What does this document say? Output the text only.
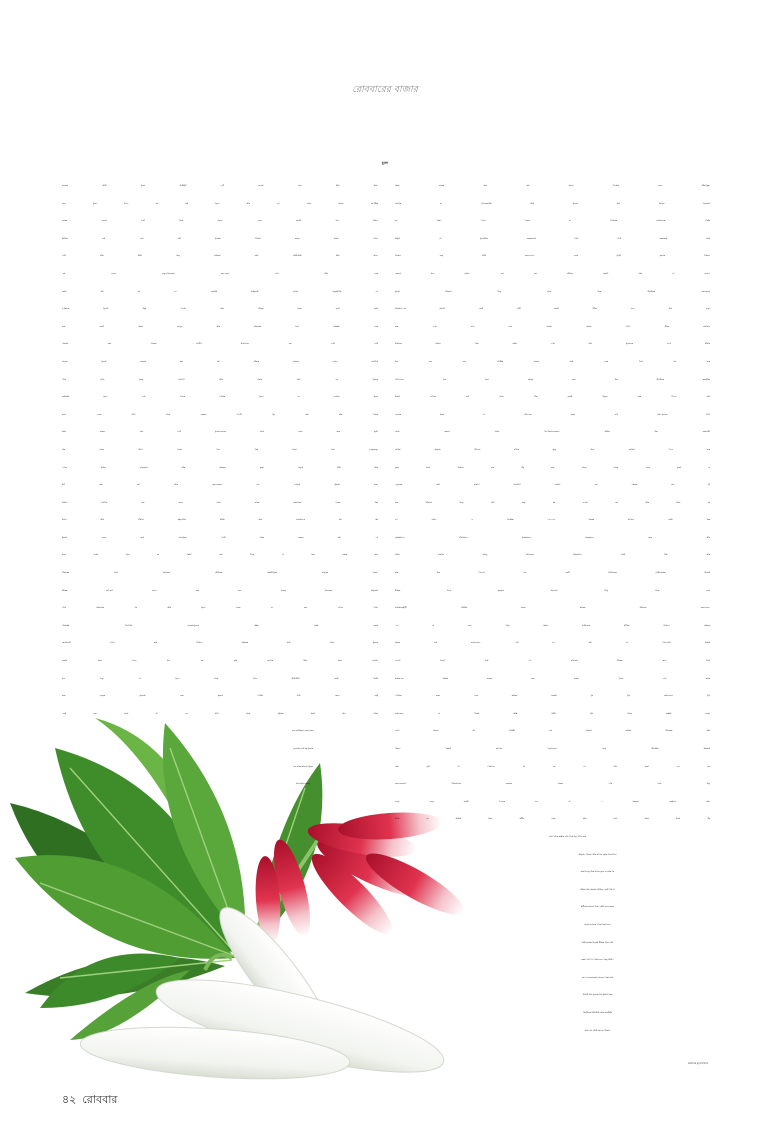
রোববারের বাজার
মুলো
বাজারে আসা মুলো মোটামুটি দু’টি রঙের। লাল আর সাদা।
লাল মুলো মানে, হয় বিট মুলো আর তা নইলে হিংলি। ব্যাপারীর
হাতের জলের ছিটে গায়ে পড়লে এদের লালটা যেন আরও
টকটকে হয়ে ওঠে। বিট মুলোরা উইডস বলের মতোই গোল,
ছোট আর মিষ্টি। কিন্তু হিংলিরা লম্বা, মোটাসোটা আর ঝাল।
এরা ওজনে দেড়-দু’কিলোরও হত—তবে এখন আর এদের
তেমন চাষ হয় না। একসময় বসিরহাট, দেগঙ্গা, বেড়াচাঁপায় এই
দু’ধরনের মুলোই প্রচুর পাওয়া যেত। আলুর মতো ডুমো ডুমো
করে কেটে, সরষে ফোড়ন আর কাঁচালঙ্কা দিয়ে গেরস্তরা এদের
ছেঁচকিই বেশি খেতেন। ইদানীং স্যালাডেও তো ছোট্ট ছোট্ট
লালচে মুলোই ব্যবহার করা হয়। আবার বাংলার নানান জায়গায়
পৌষ মাসে ফিকে গোলাপি আর সাদার মেশা এক ধরনের
নরমসরম মুলো ওঠে, যাদের পৌষের মুলো বা বাঙালি মুলো
বলে। এদের মাথা থেকে বেরনো গাছটি খুব লম্বা আর পাতার
ভারি বাহার। এমন ছোট মুলোগুলোকে ফালি ফালি করে কুটে,
অল্প তেলে আদা, জিরে, ধনে, গরম মশলা দিয়ে নেড়েচেড়ে,
ওপরে সামান্য বড়িভাজা আর নারকেল কুরো ছড়িয়ে মিষ্টি মিষ্টি
ঘন্ট করা হয়। আর বড়গুলোকে ছাল ছাড়িয়ে টুকরো করে,
সামান্য ভাপিয়ে জল ফেলে দিয়ে, তাতে তেজপাতা, জিরে, গরম
মশলা আর পেঁয়াজ রসুন-আদা বাটার সঙ্গে শোলমাছের রিং রিং
টুকরো ফেলে কষে শোলমুলো পদটি তৈরি করতে হয়। এই
মুলো দিয়েই ‘মুলি কে পরাঠা’ হয়ে থাকে, যা কিনা লঙ্কার ঝাল
আচারের সঙ্গে চমৎকার। আমাদের ভবানীপুরের বাড়িতে মুলো-
মটরের চাপ-চাপ ডালও করা হত। যেহেতু অনেকের বাড়িতেই
পৌষ সংক্রান্তির পর আর মুলো ঢোকে না, তাই ওইদিন পিঠে-
পায়েসের পাশাপাশি চালতা-মুলোর অম্বল তৈরি করার
রেওয়াজটি এখনও রয়ে গিয়েছে। অম্বলের মধ্যে থেকে মুলোর
চাকতি হাতে নিলে মনে হত বুঝি রুপোর টাকা হাতে নিলাম।
মনে পড়ে, এই মুলো পেকে গেলে আধাআধি কেটে, উল্টো
করে দড়িতে ঝুলিয়ে, তার কুরনো পেটের মধ্যে রোজ একটু
একটু জল দিয়ে, মা ওর মাথা থেকে জুঁইয়ের মতো সাদা থোকা
ফুল ফোটাতেন। তবে তেল-
নুন-লঙ্কা দিয়ে ইতুপুজোর
দিন ভাতে-ভাত বা মুড়ির
সঙ্গে কাঁচা কামড়ে
কিংবা ডালের সঙ্গে প্লেন ভাজা খাওয়ার জন্যে ঘটকপুকুর,
শোনপুর বা পোলেরহাটের মিষ্টি স্বাদের সাদা ধবধবে মুলোরাই
হল সেরা। এখনও বিহার বা পাঞ্জাবের ভাইজানেরা পেটের
অসুখে এই মুলোটিকে ভোরবেলায় খালি পেটে কচকচিয়ে খেয়ে
থাকেন। কিন্তু আমি কোনওদিনও এদের মুখেই তুলতে পারিনি।
কেবলই মনে হয়েছে, এরা তো আসলে রকেট, যারা যে কোনও
মুহূর্তে আকাশে উড়ে যেতে পারে! টিনটিনের ‘চন্দ্রালোকে
অভিযান’-এর মলাটে একটা দুর্ধর্ষ রকেট আঁকা ছিল। সাদা বড়ি।
তার ওপর লাল লাল চৌকো চৌকো খোপ। শীতে শাকউলি
মাসিদের সামনে পাতা চটের ওপর সাদা মুলোদের দেখে আমার
মনে হত, লাল পোস্টার কালার দিয়ে ওদের গায়ে যত্ন করে
খোপগুলো এঁকে দিলে, হয়তো ওরাও ঠিক টিনটিনের রকেটটার
মতোই দেখতে হয়ে যাবে। আর রকেট উড়লে তার পিছনে লম্বা
লেজের মতো যে আগুনের হলকা দেখা যায়—মুলোর মাথা
থেকে বেরনো দিঘল গাছপাতাগুলোকেও আমার ঠিক তেমনটিই
লাগত। বাড়িতে আনাজ রাখার ঝুড়ি থেকে একখানা পছন্দ করে
তুলে নিয়ে, উঠোনে হাত উঁচু করে দৌড়ে দৌড়ে ওদের কতই না
ওড়ানোর চেষ্টা করেছি! মনেপ্রাণে চেয়েছি ওরা একবার যেন সাঁ
করে আকাশে উড়ে যায়। কিন্তু সব চাওয়া তো আর সত্যি হয়
না! যেমন, ১৬ ডিসেম্বর ২০১৪-র খবরের কাগজে একটা খবর
বেরিয়েছিল। আগেরদিন সাতসকালে বিবেকানন্দ রোড আর
বিধান সরণির মোড়ে সিগন্যালে দাঁড়িয়েছিল একটা ট্রাম। আর
তার ঠিক পিছনেই ছিল একটা ম্যাটাডোর। ম্যাটাডোরের খালাসি
বীরেন্দ্র যাদব ফুরফুরে মেজাজে গাড়ি থেকে নেমে
শ্যামবাজারমুখী ট্রামটির চালক রামচন্দ্র প্রসাদকে বলেছিলেন,
‘এই যে দাদা, গাড়ি সরান। ম্যাটাডোর আটকে গিয়েছে।’ রামচন্দ্র
অবাক হয়ে বলেছিলেন, ‘এটা কি বাস যে, যখন-তখন সরিয়ে
নেওয়া যাবে?’ ব্যস, এই কথাতেই বীরেন্দ্র রেগে গিয়ে
রামচন্দ্র’কে মারধর করতে শুরু করেন। পুলিশ এসে তাঁকে
গ্রেপ্তারও করে। এতে রামচন্দ্র নিশ্চয়ই খুব খুশি হয়েছিলেন। খুশি
হয়েছিলেন ওই ট্রামের সমস্ত যাত্রী। খুশি সেদিন রাস্তায় জড়ো
হওয়া অচেনা সব পথচারী এবং অবশ্যই সেইসব পাঠকেরা, যাঁরা
পরদিন খবরটি কাগজে পড়েছিলেন। কিন্তু ঘটনাটায় সবচেয়ে
বেশি দুঃখ যে পেয়েছিল, সে হল ওই ট্রাম। কারণ ওর তো
কোনওকালেই ট্রামলাইনের চকচকে পাতের ওপর দিয়ে ঘাড়
নেড়ে নেড়ে চলাটা পছন্দের ছিল না। ও চিরকাল চেয়েছিল বাস,
ট্যাক্সি বা অটোর মতো স্বাধীন হতে। আর তাই, মাঝে মাঝে উঁচু
লাইন থেকে রাস্তার নেমে গিয়ে ঘাড় গোঁজ করে
দাঁড়িয়েও থাকত। আর কপালে জুটত গালাগালি।
তারপর নড়া ধরে লাইনে তুলে দেওয়ার পর
আবার সেই স্লেভারি। আসলে একটা ট্রাম যে
স্বাধীনতা চাইতে পারে—সেটা কোনওভাবে
হয়তো জানতে পেরে গিয়েছিলেন
ম্যাটাডোরের খালাসি বীরেন্দ্র যাদব। সেই
কারণে খেপেও গিয়েছিলেন। কিন্তু আমিও
তো ছেলেবেলাতেই জানতে পেরেছিলাম
প্রতিটি সাদা মুলোর মধ্যে ঘুমিয়ে থাকা
টিনটিনের X-FLR-6 নামক রকেটটির
কথা। কই, আমি তো তা পারিনি!
রজতেন্দ্র মুখোপাধ্যায়
৪২ রোববার
